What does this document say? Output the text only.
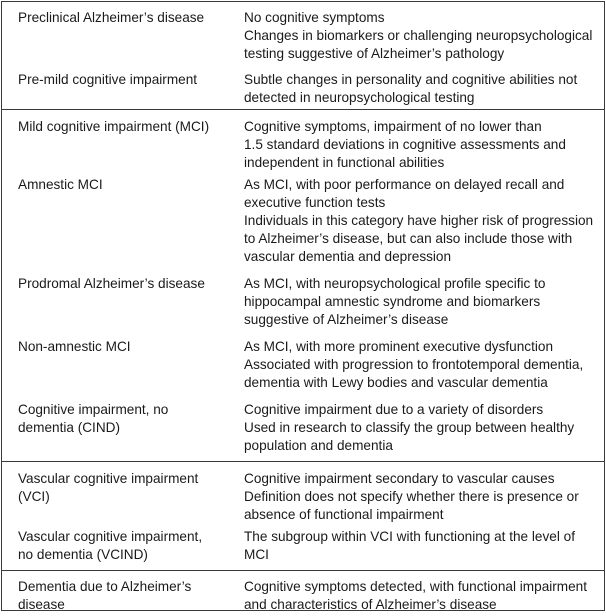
Preclinical Alzheimer’s disease	No cognitive symptoms
Changes in biomarkers or challenging neuropsychological
testing suggestive of Alzheimer’s pathology

Pre-mild cognitive impairment	Subtle changes in personality and cognitive abilities not
detected in neuropsychological testing

Mild cognitive impairment (MCI)	Cognitive symptoms, impairment of no lower than
1.5 standard deviations in cognitive assessments and
independent in functional abilities

Amnestic MCI	As MCI, with poor performance on delayed recall and
executive function tests
Individuals in this category have higher risk of progression
to Alzheimer’s disease, but can also include those with
vascular dementia and depression

Prodromal Alzheimer’s disease	As MCI, with neuropsychological profile specific to
hippocampal amnestic syndrome and biomarkers
suggestive of Alzheimer’s disease

Non-amnestic MCI	As MCI, with more prominent executive dysfunction
Associated with progression to frontotemporal dementia,
dementia with Lewy bodies and vascular dementia

Cognitive impairment, no
dementia (CIND)	Cognitive impairment due to a variety of disorders
Used in research to classify the group between healthy
population and dementia

Vascular cognitive impairment
(VCI)	Cognitive impairment secondary to vascular causes
Definition does not specify whether there is presence or
absence of functional impairment

Vascular cognitive impairment,
no dementia (VCIND)	The subgroup within VCI with functioning at the level of
MCI

Dementia due to Alzheimer’s
disease	Cognitive symptoms detected, with functional impairment
and characteristics of Alzheimer’s disease
